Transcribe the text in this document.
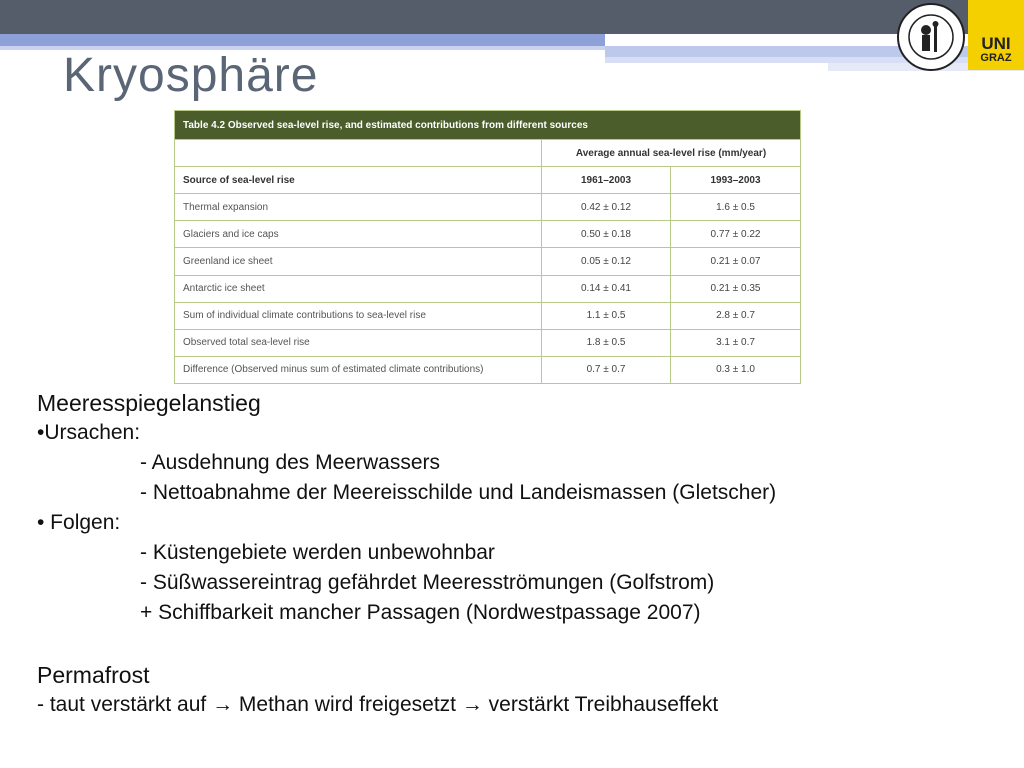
Kryosphäre
UNI
GRAZ
Table 4.2 Observed sea-level rise, and estimated contributions from different sources		
	Average annual sea-level rise (mm/year)	
Source of sea-level rise	1961–2003	1993–2003
Thermal expansion	0.42 ± 0.12	1.6 ± 0.5
Glaciers and ice caps	0.50 ± 0.18	0.77 ± 0.22
Greenland ice sheet	0.05 ± 0.12	0.21 ± 0.07
Antarctic ice sheet	0.14 ± 0.41	0.21 ± 0.35
Sum of individual climate contributions to sea-level rise	1.1 ± 0.5	2.8 ± 0.7
Observed total sea-level rise	1.8 ± 0.5	3.1 ± 0.7
Difference (Observed minus sum of estimated climate contributions)	0.7 ± 0.7	0.3 ± 1.0
Meeresspiegelanstieg
•Ursachen:
- Ausdehnung des Meerwassers
- Nettoabnahme der Meereisschilde und Landeismassen (Gletscher)
• Folgen:
- Küstengebiete werden unbewohnbar
- Süßwassereintrag gefährdet Meeresströmungen (Golfstrom)
+ Schiffbarkeit mancher Passagen (Nordwestpassage 2007)
Permafrost
- taut verstärkt auf → Methan wird freigesetzt → verstärkt Treibhauseffekt
